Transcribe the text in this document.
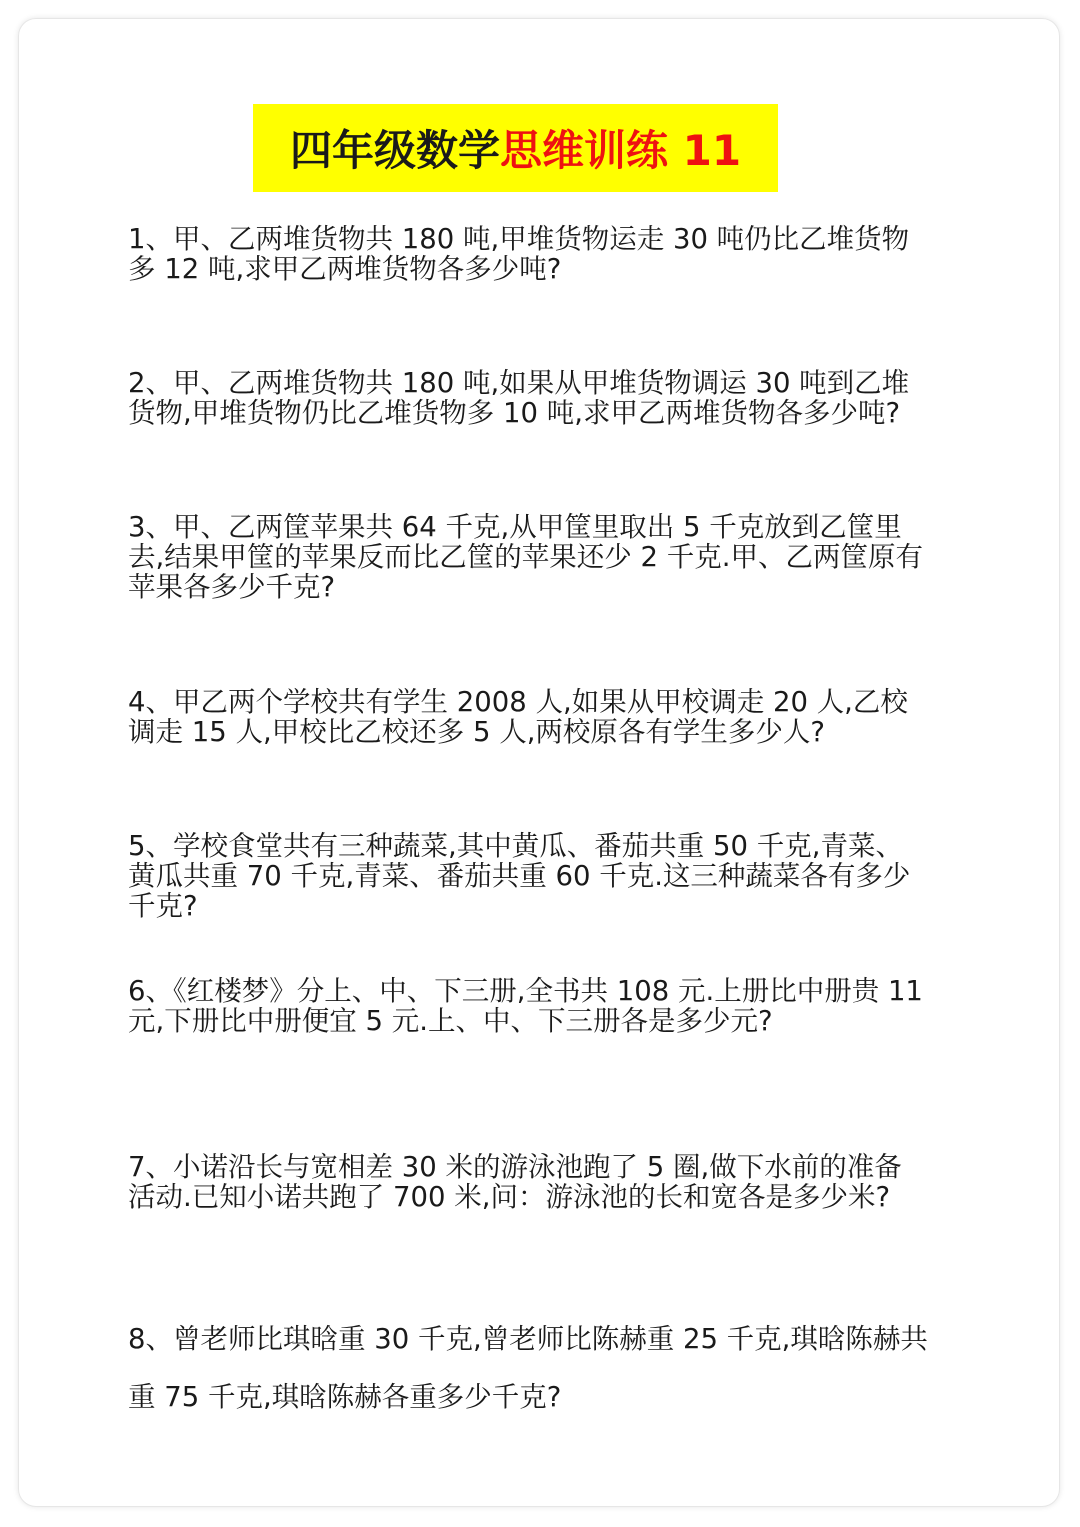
四年级数学思维训练 11

1、甲、乙两堆货物共 180 吨,甲堆货物运走 30 吨仍比乙堆货物多 12 吨,求甲乙两堆货物各多少吨?

2、甲、乙两堆货物共 180 吨,如果从甲堆货物调运 30 吨到乙堆货物,甲堆货物仍比乙堆货物多 10 吨,求甲乙两堆货物各多少吨?

3、甲、乙两筐苹果共 64 千克,从甲筐里取出 5 千克放到乙筐里去,结果甲筐的苹果反而比乙筐的苹果还少 2 千克.甲、乙两筐原有苹果各多少千克?

4、甲乙两个学校共有学生 2008 人,如果从甲校调走 20 人,乙校调走 15 人,甲校比乙校还多 5 人,两校原各有学生多少人?

5、学校食堂共有三种蔬菜,其中黄瓜、番茄共重 50 千克,青菜、黄瓜共重 70 千克,青菜、番茄共重 60 千克.这三种蔬菜各有多少千克?

6、《红楼梦》分上、中、下三册,全书共 108 元.上册比中册贵 11 元,下册比中册便宜 5 元.上、中、下三册各是多少元?

7、小诺沿长与宽相差 30 米的游泳池跑了 5 圈,做下水前的准备活动.已知小诺共跑了 700 米,问：游泳池的长和宽各是多少米?

8、曾老师比琪晗重 30 千克,曾老师比陈赫重 25 千克,琪晗陈赫共重 75 千克,琪晗陈赫各重多少千克?
